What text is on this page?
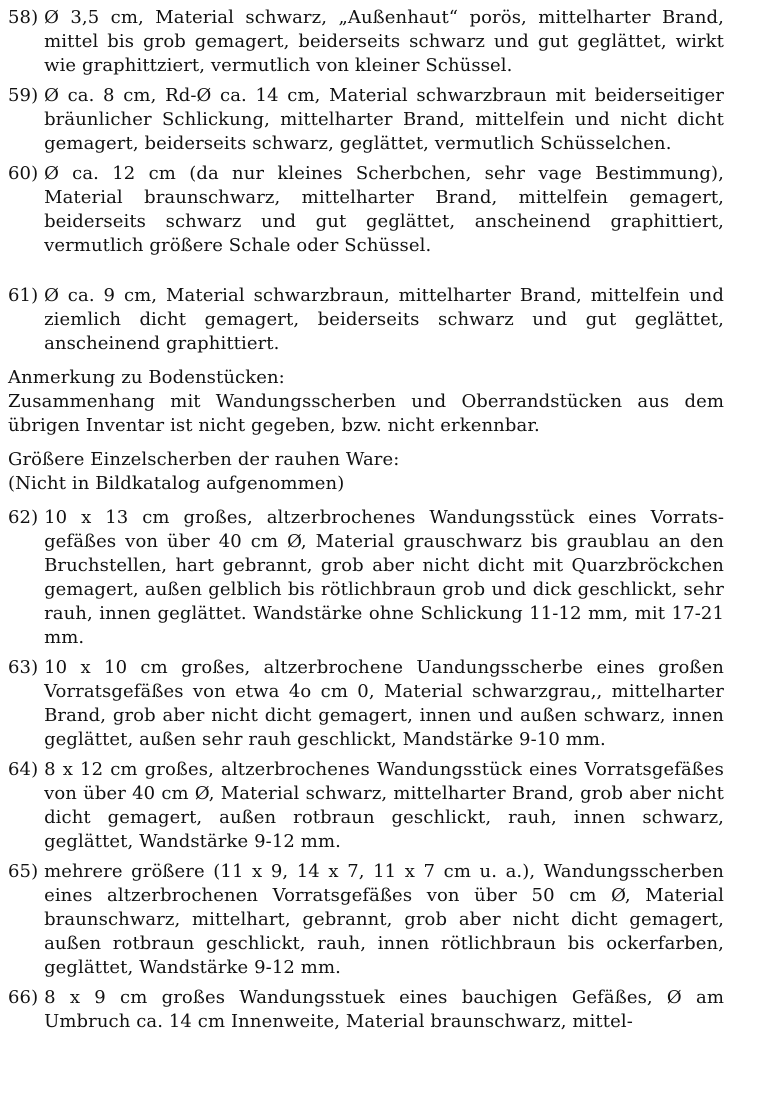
58)
Ø 3,5 cm, Material schwarz, „Außenhaut“ porös, mittelharter Brand, mittel bis grob gemagert, beiderseits schwarz und gut geglättet, wirkt wie graphittziert, vermutlich von kleiner Schüssel.
59)
Ø ca. 8 cm, Rd-Ø ca. 14 cm, Material schwarzbraun mit beiderseitiger bräunlicher Schlickung, mittelharter Brand, mittelfein und nicht dicht gemagert, beiderseits schwarz, geglättet, vermutlich Schüsselchen.
60)
Ø ca. 12 cm (da nur kleines Scherbchen, sehr vage Bestimmung), Material braunschwarz, mittelharter Brand, mittelfein gemagert, beiderseits schwarz und gut geglättet, anscheinend graphittiert, vermutlich größere Schale oder Schüssel.
61)
Ø ca. 9 cm, Material schwarzbraun, mittelharter Brand, mittelfein und ziemlich dicht gemagert, beiderseits schwarz und gut geglättet, anscheinend graphittiert.
Anmerkung zu Bodenstücken:
Zusammenhang mit Wandungsscherben und Oberrandstücken aus dem übrigen Inventar ist nicht gegeben, bzw. nicht erkennbar.
Größere Einzelscherben der rauhen Ware:
(Nicht in Bildkatalog aufgenommen)
62)
10 x 13 cm großes, altzerbrochenes Wandungsstück eines Vorratsgefäßes von über 40 cm Ø, Material grauschwarz bis graublau an den Bruchstellen, hart gebrannt, grob aber nicht dicht mit Quarzbröckchen gemagert, außen gelblich bis rötlichbraun grob und dick geschlickt, sehr rauh, innen geglättet. Wandstärke ohne Schlickung 11-12 mm, mit 17-21 mm.
63)
10 x 10 cm großes, altzerbrochene Uandungsscherbe eines großen Vorratsgefäßes von etwa 4o cm 0, Material schwarzgrau,, mittelharter Brand, grob aber nicht dicht gemagert, innen und außen schwarz, innen geglättet, außen sehr rauh geschlickt, Mandstärke 9-10 mm.
64)
8 x 12 cm großes, altzerbrochenes Wandungsstück eines Vorratsgefäßes von über 40 cm Ø, Material schwarz, mittelharter Brand, grob aber nicht dicht gemagert, außen rotbraun geschlickt, rauh, innen schwarz, geglättet, Wandstärke 9-12 mm.
65)
mehrere größere (11 x 9, 14 x 7, 11 x 7 cm u. a.), Wandungsscherben eines altzerbrochenen Vorratsgefäßes von über 50 cm Ø, Material braunschwarz, mittelhart, gebrannt, grob aber nicht dicht gemagert, außen rotbraun geschlickt, rauh, innen rötlichbraun bis ockerfarben, geglättet, Wandstärke 9-12 mm.
66)
8 x 9 cm großes Wandungsstuek eines bauchigen Gefäßes, Ø am Umbruch ca. 14 cm Innenweite, Material braunschwarz, mittel-
